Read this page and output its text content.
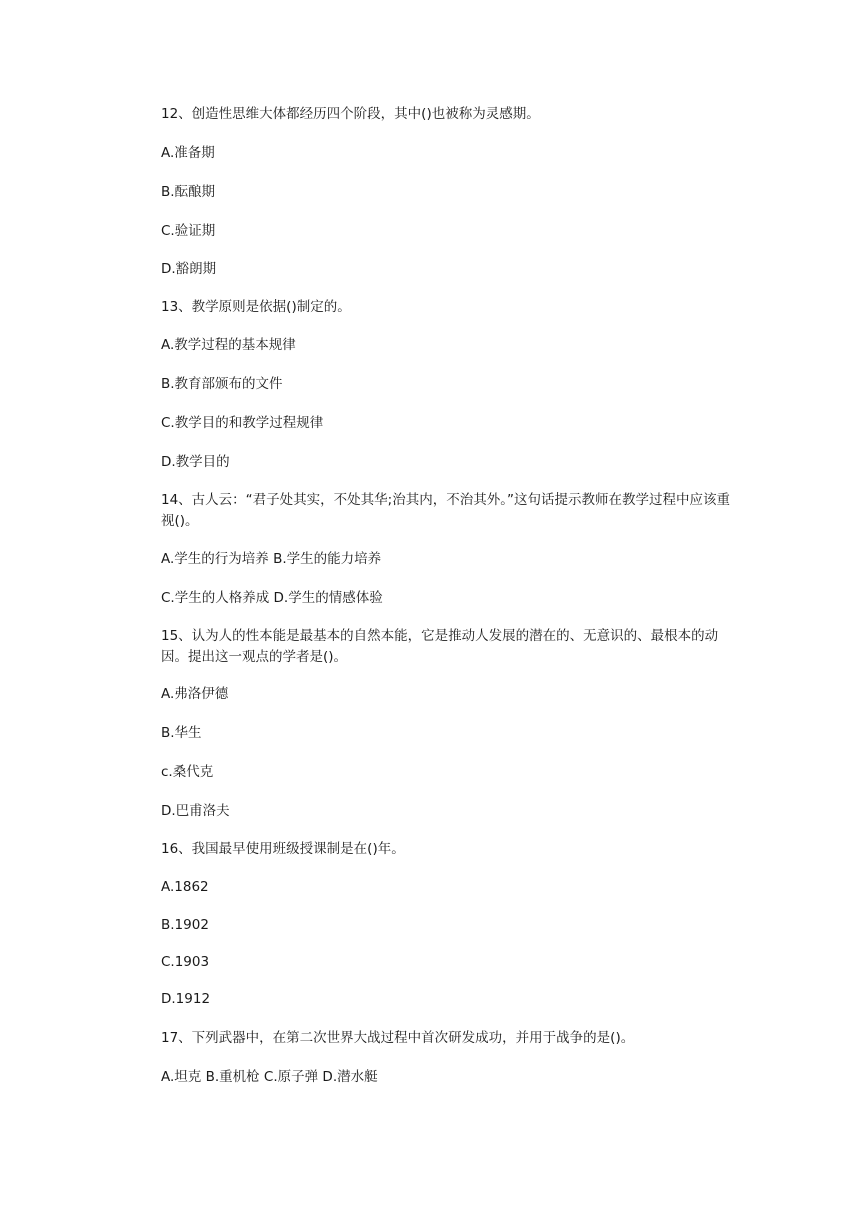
12、创造性思维大体都经历四个阶段，其中()也被称为灵感期。

A.准备期

B.酝酿期

C.验证期

D.豁朗期

13、教学原则是依据()制定的。

A.教学过程的基本规律

B.教育部颁布的文件

C.教学目的和教学过程规律

D.教学目的

14、古人云：“君子处其实，不处其华;治其内，不治其外。”这句话提示教师在教学过程中应该重视()。

A.学生的行为培养 B.学生的能力培养

C.学生的人格养成 D.学生的情感体验

15、认为人的性本能是最基本的自然本能，它是推动人发展的潜在的、无意识的、最根本的动因。提出这一观点的学者是()。

A.弗洛伊德

B.华生

c.桑代克

D.巴甫洛夫

16、我国最早使用班级授课制是在()年。

A.1862

B.1902

C.1903

D.1912

17、下列武器中，在第二次世界大战过程中首次研发成功，并用于战争的是()。

A.坦克 B.重机枪 C.原子弹 D.潜水艇
